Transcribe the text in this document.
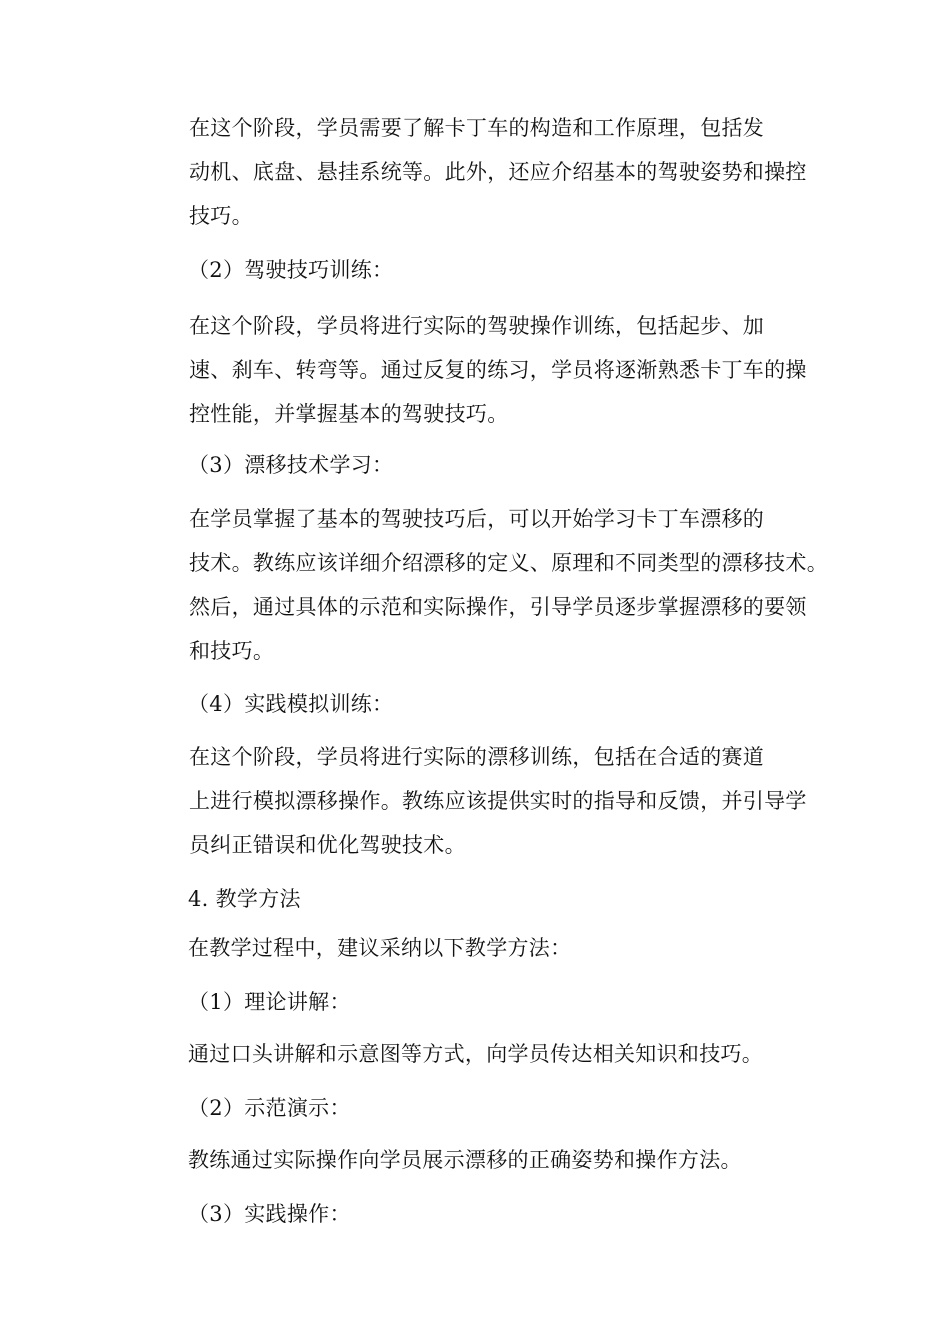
在这个阶段，学员需要了解卡丁车的构造和工作原理，包括发
动机、底盘、悬挂系统等。此外，还应介绍基本的驾驶姿势和操控
技巧。

（2）驾驶技巧训练：

在这个阶段，学员将进行实际的驾驶操作训练，包括起步、加
速、刹车、转弯等。通过反复的练习，学员将逐渐熟悉卡丁车的操
控性能，并掌握基本的驾驶技巧。

（3）漂移技术学习：

在学员掌握了基本的驾驶技巧后，可以开始学习卡丁车漂移的
技术。教练应该详细介绍漂移的定义、原理和不同类型的漂移技术。
然后，通过具体的示范和实际操作，引导学员逐步掌握漂移的要领
和技巧。

（4）实践模拟训练：

在这个阶段，学员将进行实际的漂移训练，包括在合适的赛道
上进行模拟漂移操作。教练应该提供实时的指导和反馈，并引导学
员纠正错误和优化驾驶技术。

4. 教学方法

在教学过程中，建议采纳以下教学方法：

（1）理论讲解：

通过口头讲解和示意图等方式，向学员传达相关知识和技巧。

（2）示范演示：

教练通过实际操作向学员展示漂移的正确姿势和操作方法。

（3）实践操作：
